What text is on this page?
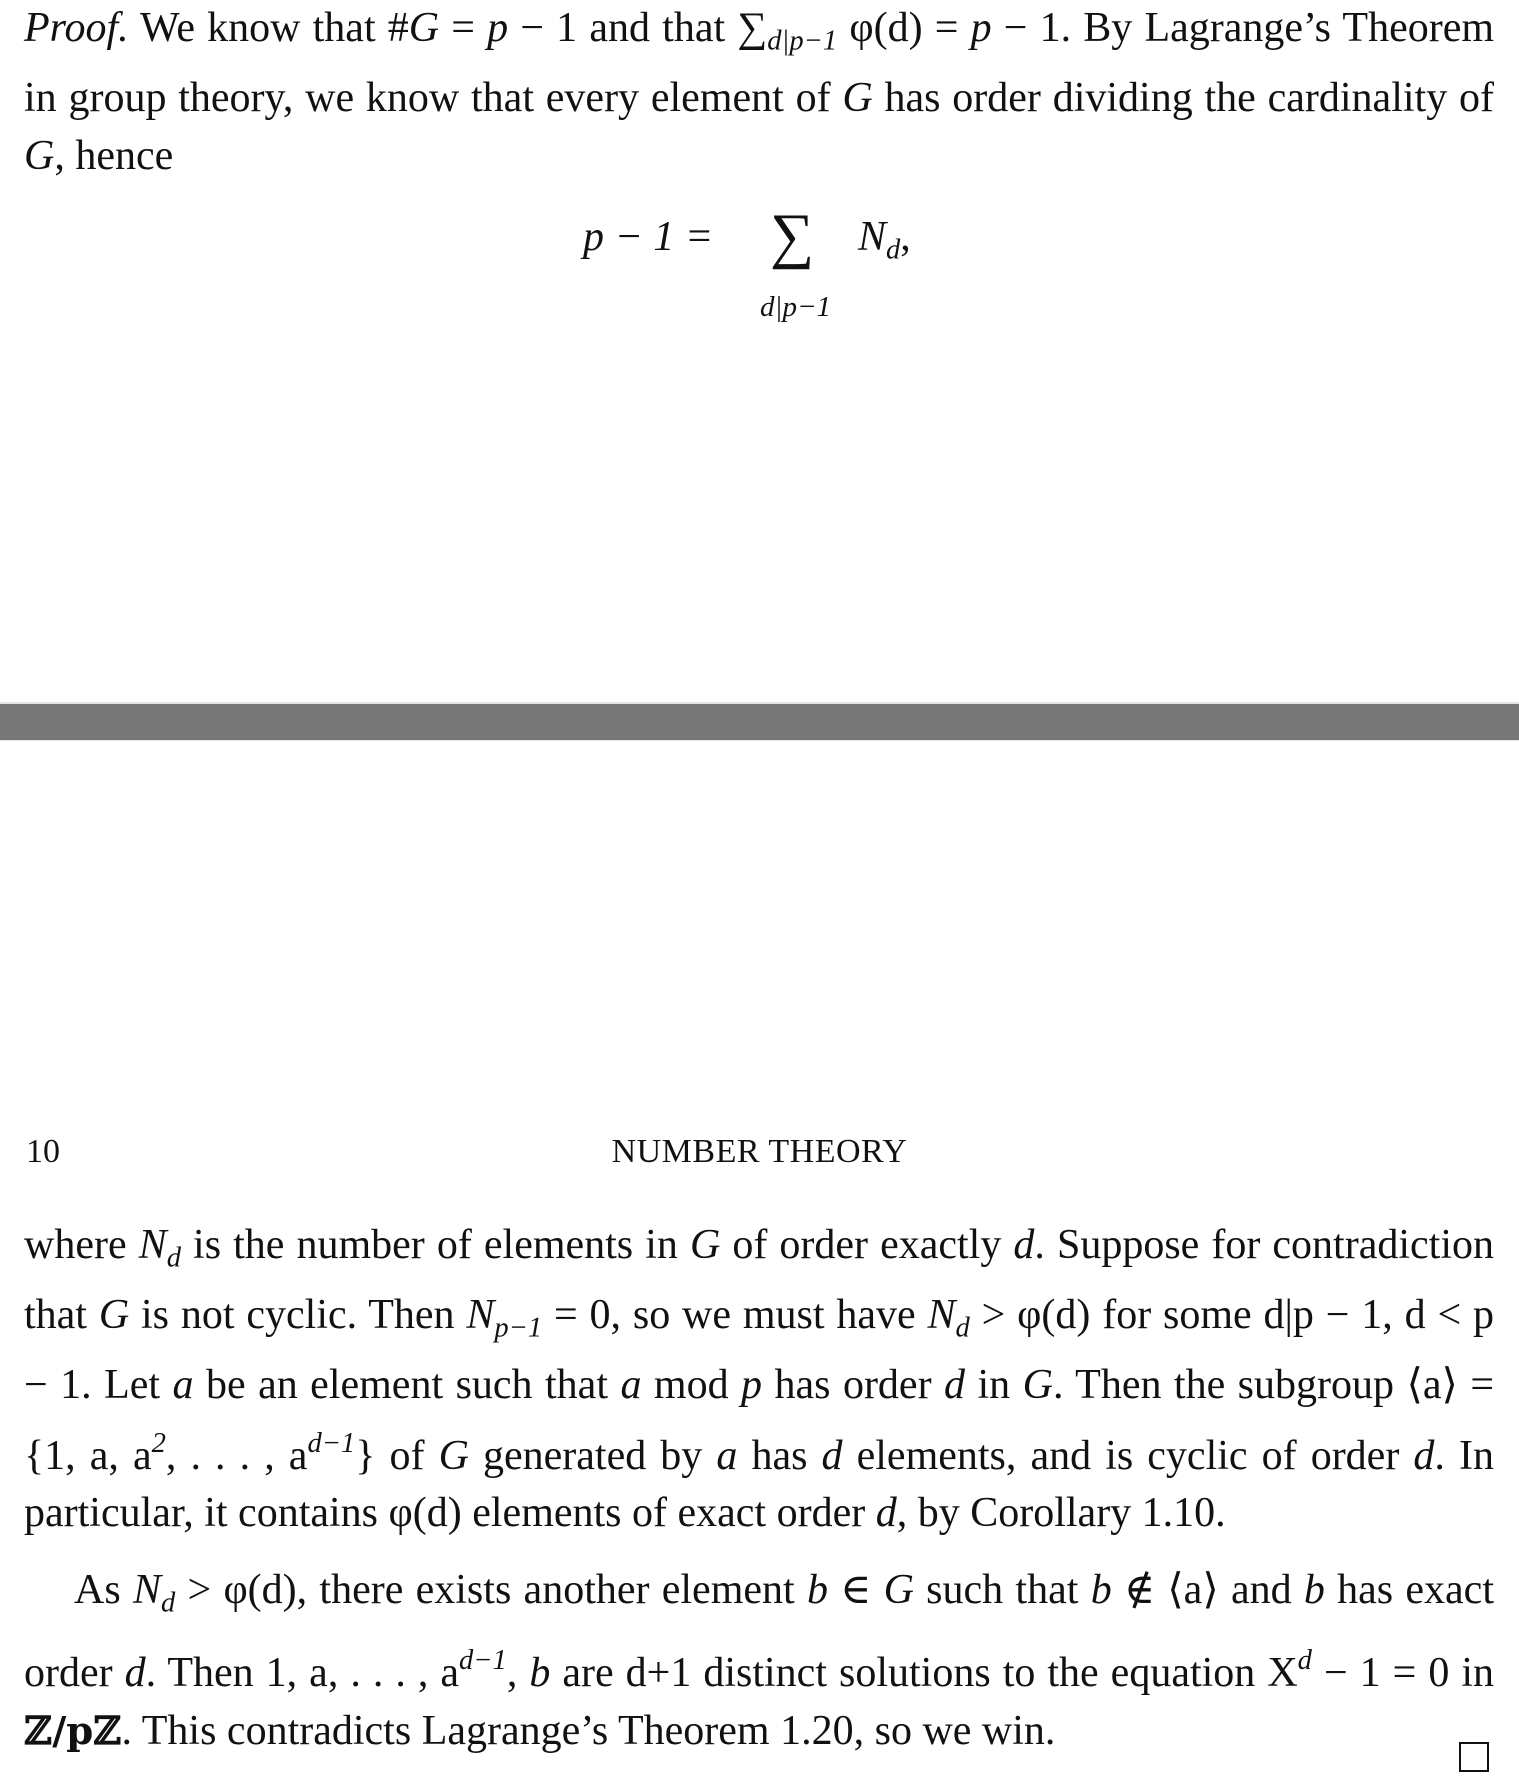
Proof. We know that #G = p − 1 and that $\sum_{d|p-1}$ φ(d) = p − 1. By Lagrange’s Theorem in group theory, we know that every element of G has order dividing the cardinality of G, hence
p − 1 = ∑ $N_d$,
d|p−1
10	NUMBER THEORY
where $N_d$ is the number of elements in G of order exactly d. Suppose for contradiction that G is not cyclic. Then $N_{p-1} = 0$, so we must have $N_d > \varphi(d)$ for some d|p − 1, d < p − 1. Let a be an element such that a mod p has order d in G. Then the subgroup ⟨a⟩ = {1, a, $a^2$, . . . , $a^{d-1}$} of G generated by a has d elements, and is cyclic of order d. In particular, it contains φ(d) elements of exact order d, by Corollary 1.10.
As $N_d > \varphi(d)$, there exists another element b ∈ G such that b ∉ ⟨a⟩ and b has exact order d. Then 1, a, . . . , $a^{d-1}$, b are d+1 distinct solutions to the equation $X^d - 1 = 0$ in ℤ/pℤ. This contradicts Lagrange’s Theorem 1.20, so we win.
